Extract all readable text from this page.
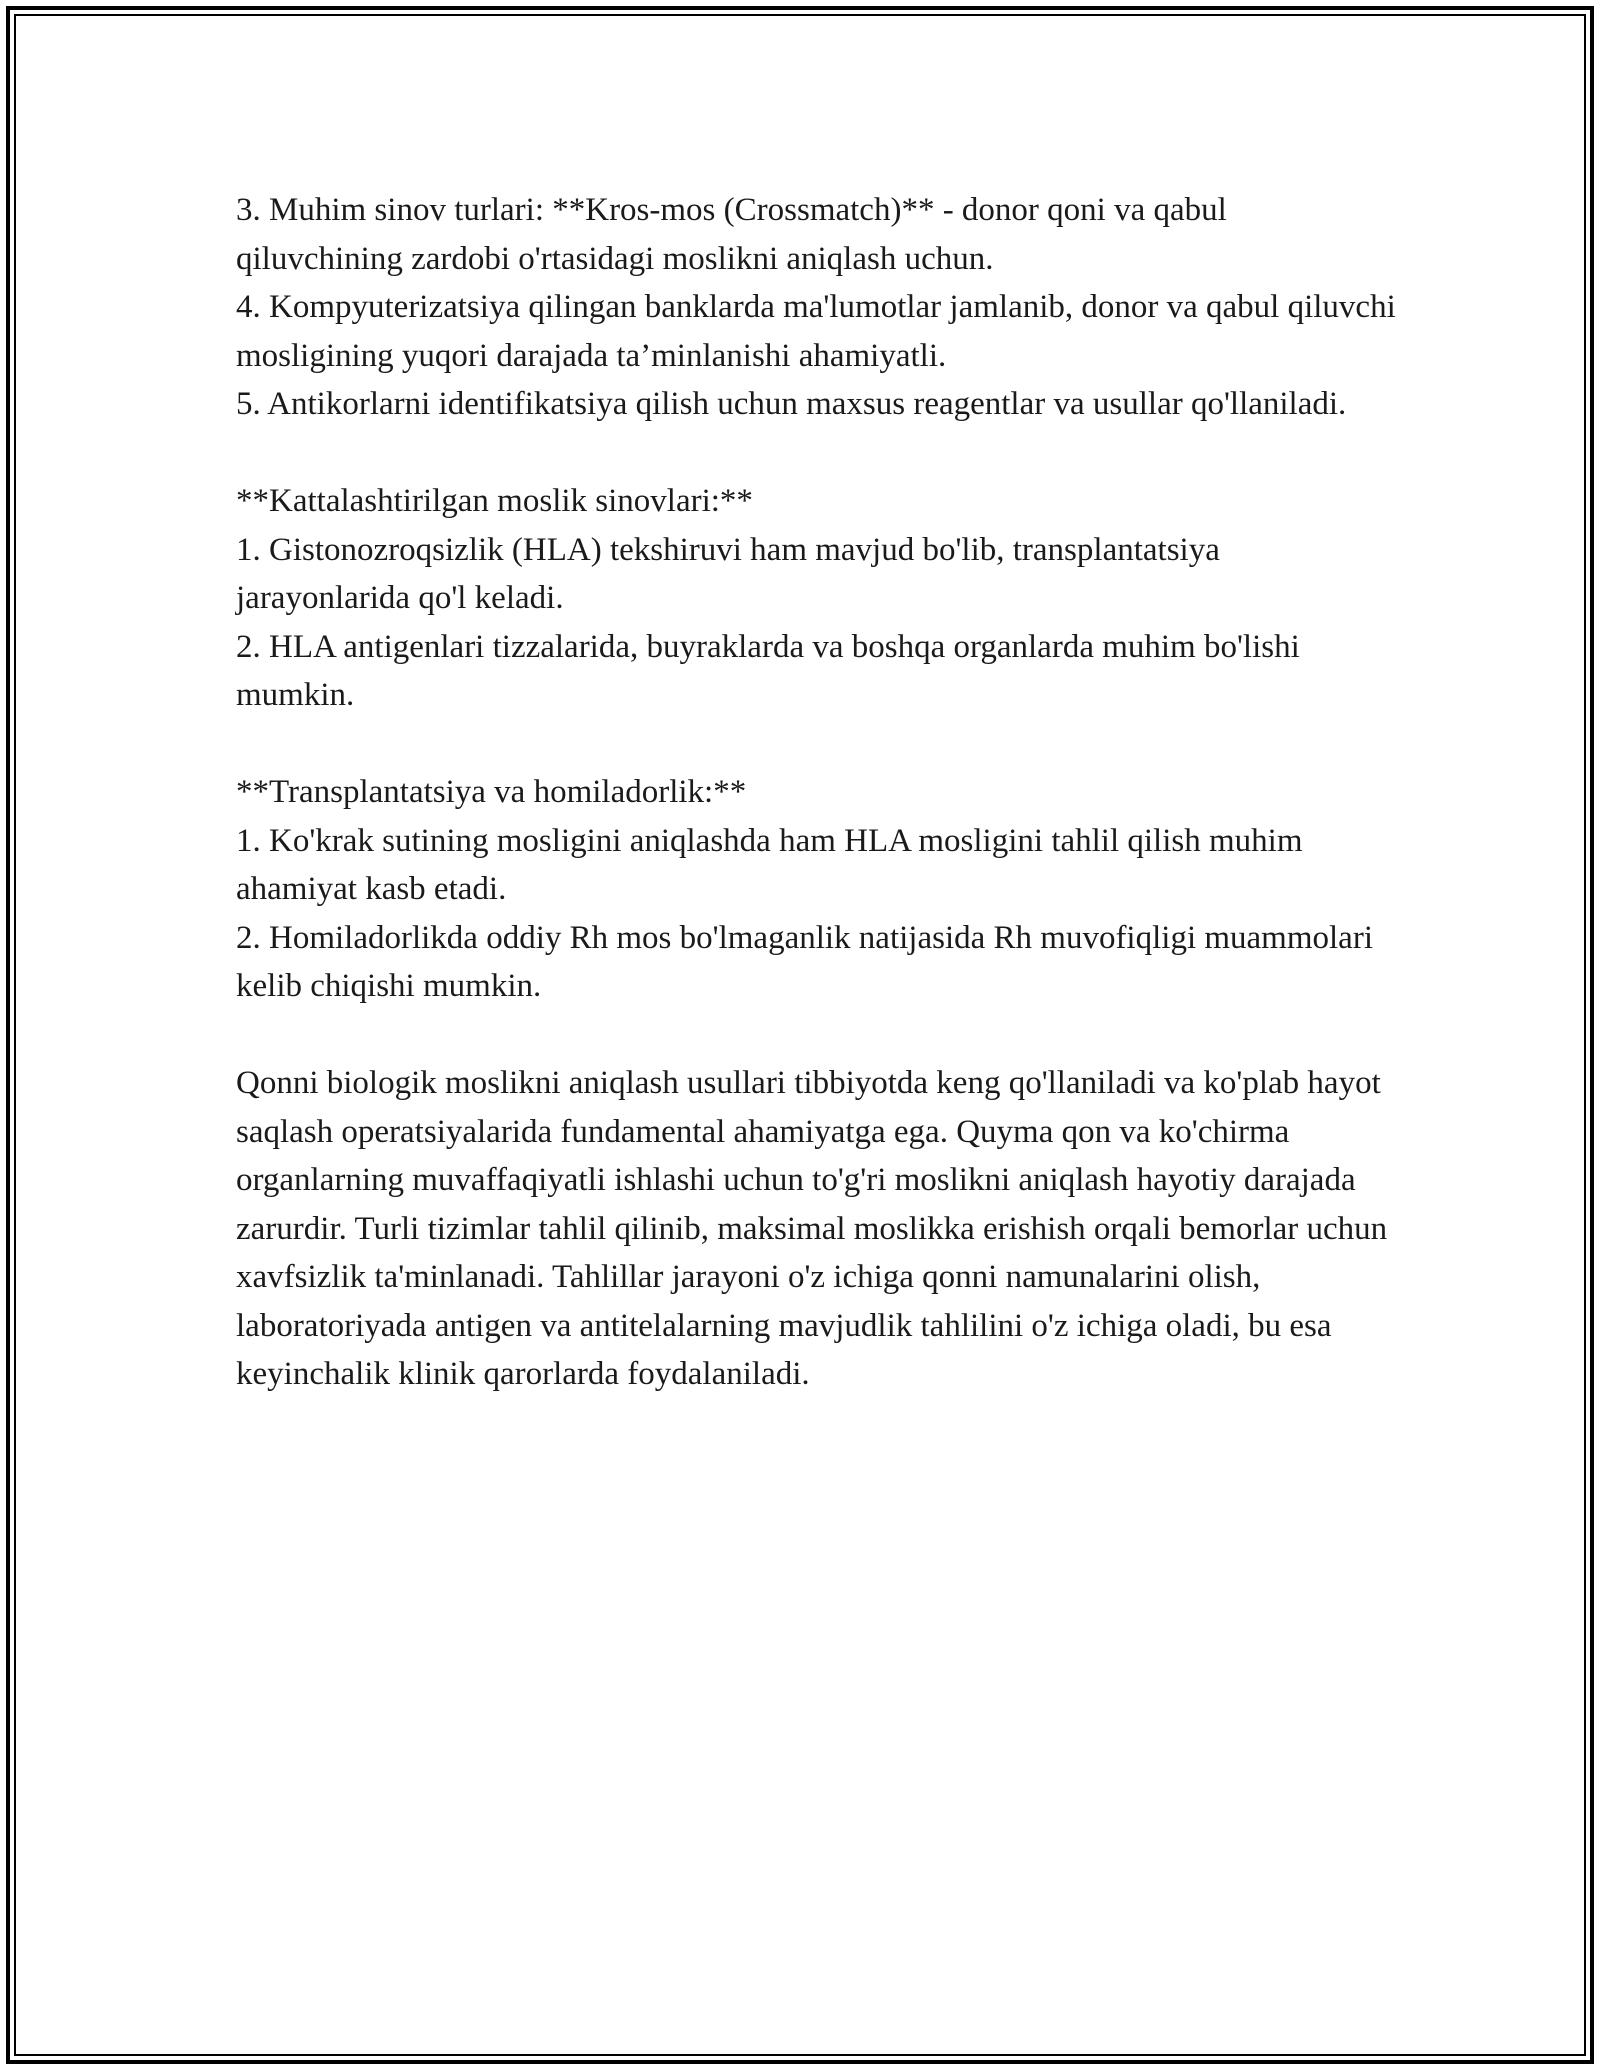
3. Muhim sinov turlari: **Kros-mos (Crossmatch)** - donor qoni va qabul qiluvchining zardobi o'rtasidagi moslikni aniqlash uchun.

4. Kompyuterizatsiya qilingan banklarda ma'lumotlar jamlanib, donor va qabul qiluvchi mosligining yuqori darajada ta’minlanishi ahamiyatli.

5. Antikorlarni identifikatsiya qilish uchun maxsus reagentlar va usullar qo'llaniladi.

**Kattalashtirilgan moslik sinovlari:**

1. Gistonozroqsizlik (HLA) tekshiruvi ham mavjud bo'lib, transplantatsiya jarayonlarida qo'l keladi.

2. HLA antigenlari tizzalarida, buyraklarda va boshqa organlarda muhim bo'lishi mumkin.

**Transplantatsiya va homiladorlik:**

1. Ko'krak sutining mosligini aniqlashda ham HLA mosligini tahlil qilish muhim ahamiyat kasb etadi.

2. Homiladorlikda oddiy Rh mos bo'lmaganlik natijasida Rh muvofiqligi muammolari kelib chiqishi mumkin.

Qonni biologik moslikni aniqlash usullari tibbiyotda keng qo'llaniladi va ko'plab hayot saqlash operatsiyalarida fundamental ahamiyatga ega. Quyma qon va ko'chirma organlarning muvaffaqiyatli ishlashi uchun to'g'ri moslikni aniqlash hayotiy darajada zarurdir. Turli tizimlar tahlil qilinib, maksimal moslikka erishish orqali bemorlar uchun xavfsizlik ta'minlanadi. Tahlillar jarayoni o'z ichiga qonni namunalarini olish, laboratoriyada antigen va antitelalarning mavjudlik tahlilini o'z ichiga oladi, bu esa keyinchalik klinik qarorlarda foydalaniladi.
